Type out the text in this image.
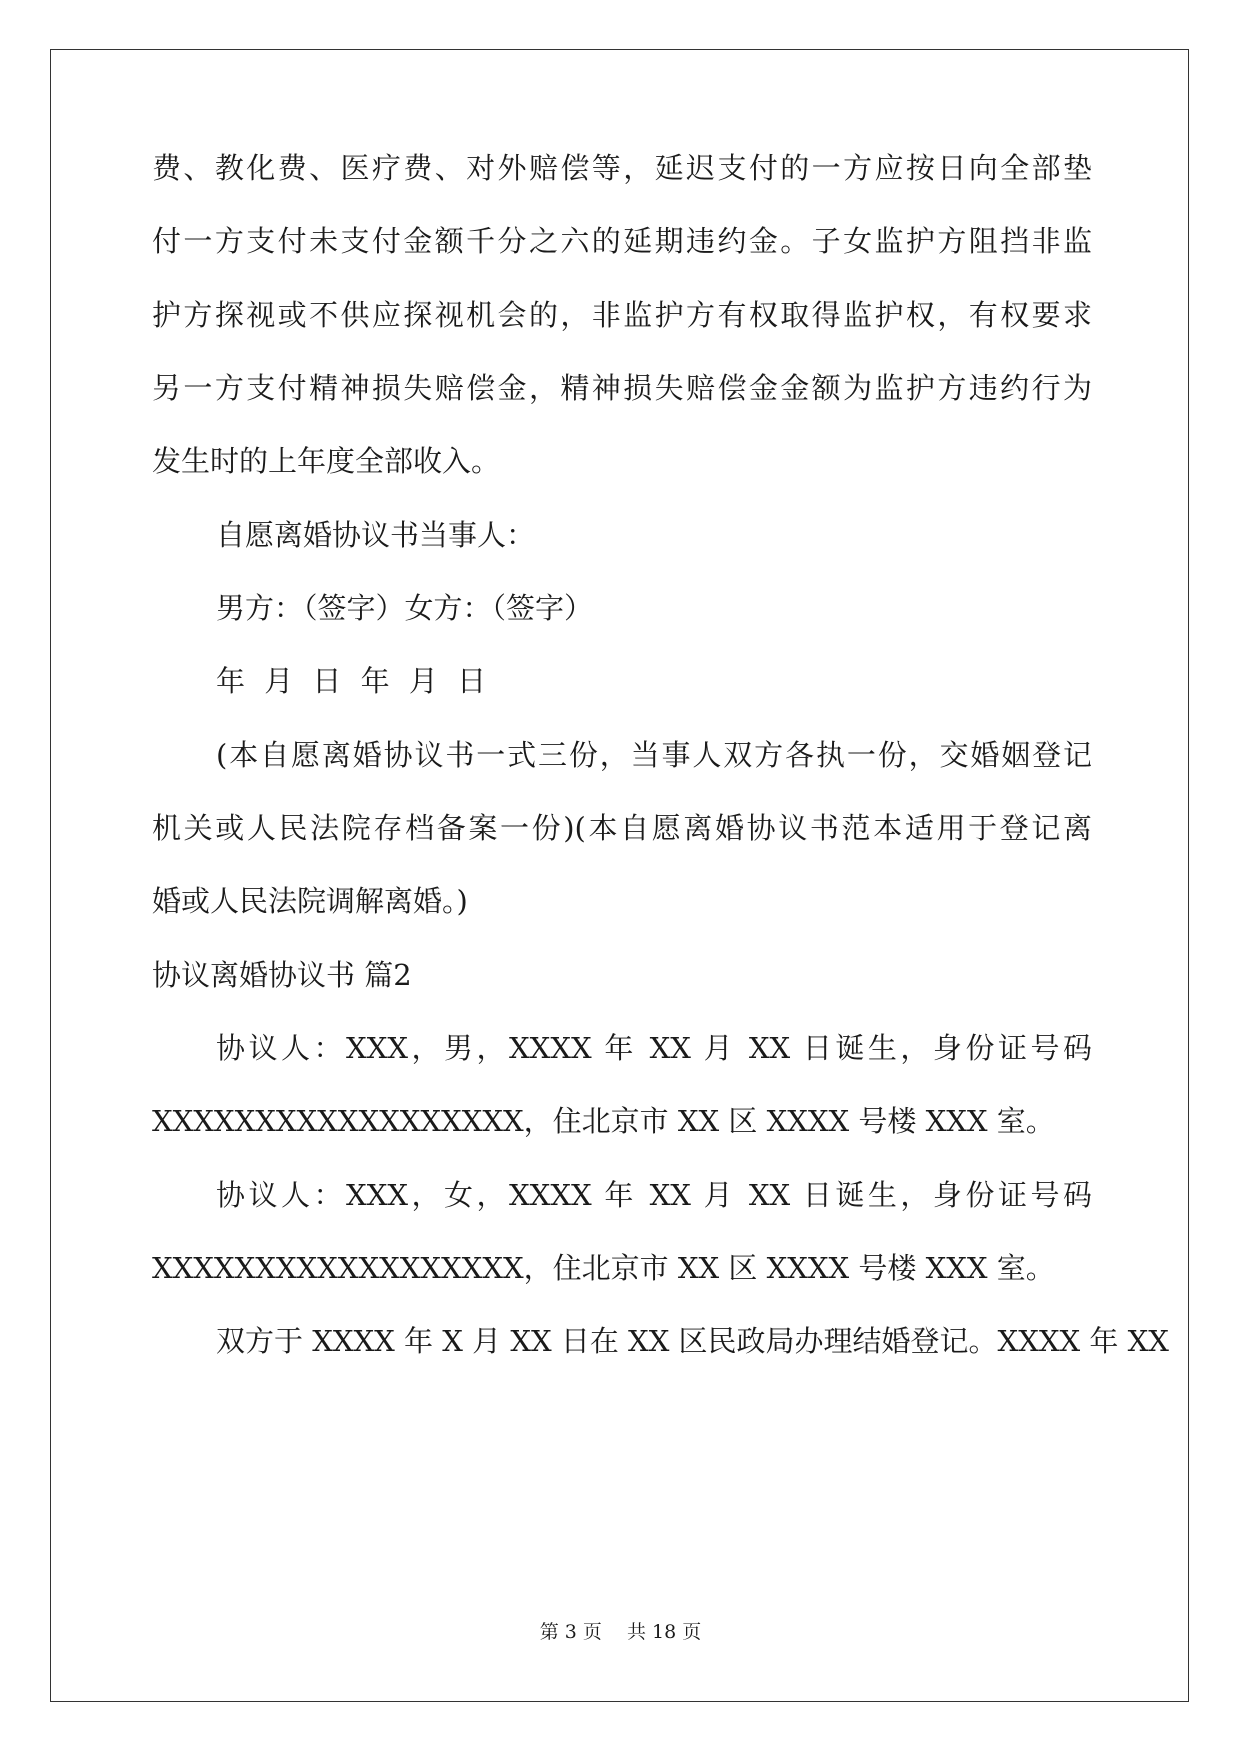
费、教化费、医疗费、对外赔偿等，延迟支付的一方应按日向全部垫
付一方支付未支付金额千分之六的延期违约金。子女监护方阻挡非监
护方探视或不供应探视机会的，非监护方有权取得监护权，有权要求
另一方支付精神损失赔偿金，精神损失赔偿金金额为监护方违约行为
发生时的上年度全部收入。
自愿离婚协议书当事人：
男方：（签字）女方：（签字）
年 月 日 年 月 日
(本自愿离婚协议书一式三份，当事人双方各执一份，交婚姻登记
机关或人民法院存档备案一份)(本自愿离婚协议书范本适用于登记离
婚或人民法院调解离婚。)
协议离婚协议书 篇2
协议人：XXX，男，XXXX 年 XX 月 XX 日诞生，身份证号码
XXXXXXXXXXXXXXXXXX，住北京市 XX 区 XXXX 号楼 XXX 室。
协议人：XXX，女，XXXX 年 XX 月 XX 日诞生，身份证号码
XXXXXXXXXXXXXXXXXX，住北京市 XX 区 XXXX 号楼 XXX 室。
双方于 XXXX 年 X 月 XX 日在 XX 区民政局办理结婚登记。XXXX 年 XX
第 3 页　 共 18 页
